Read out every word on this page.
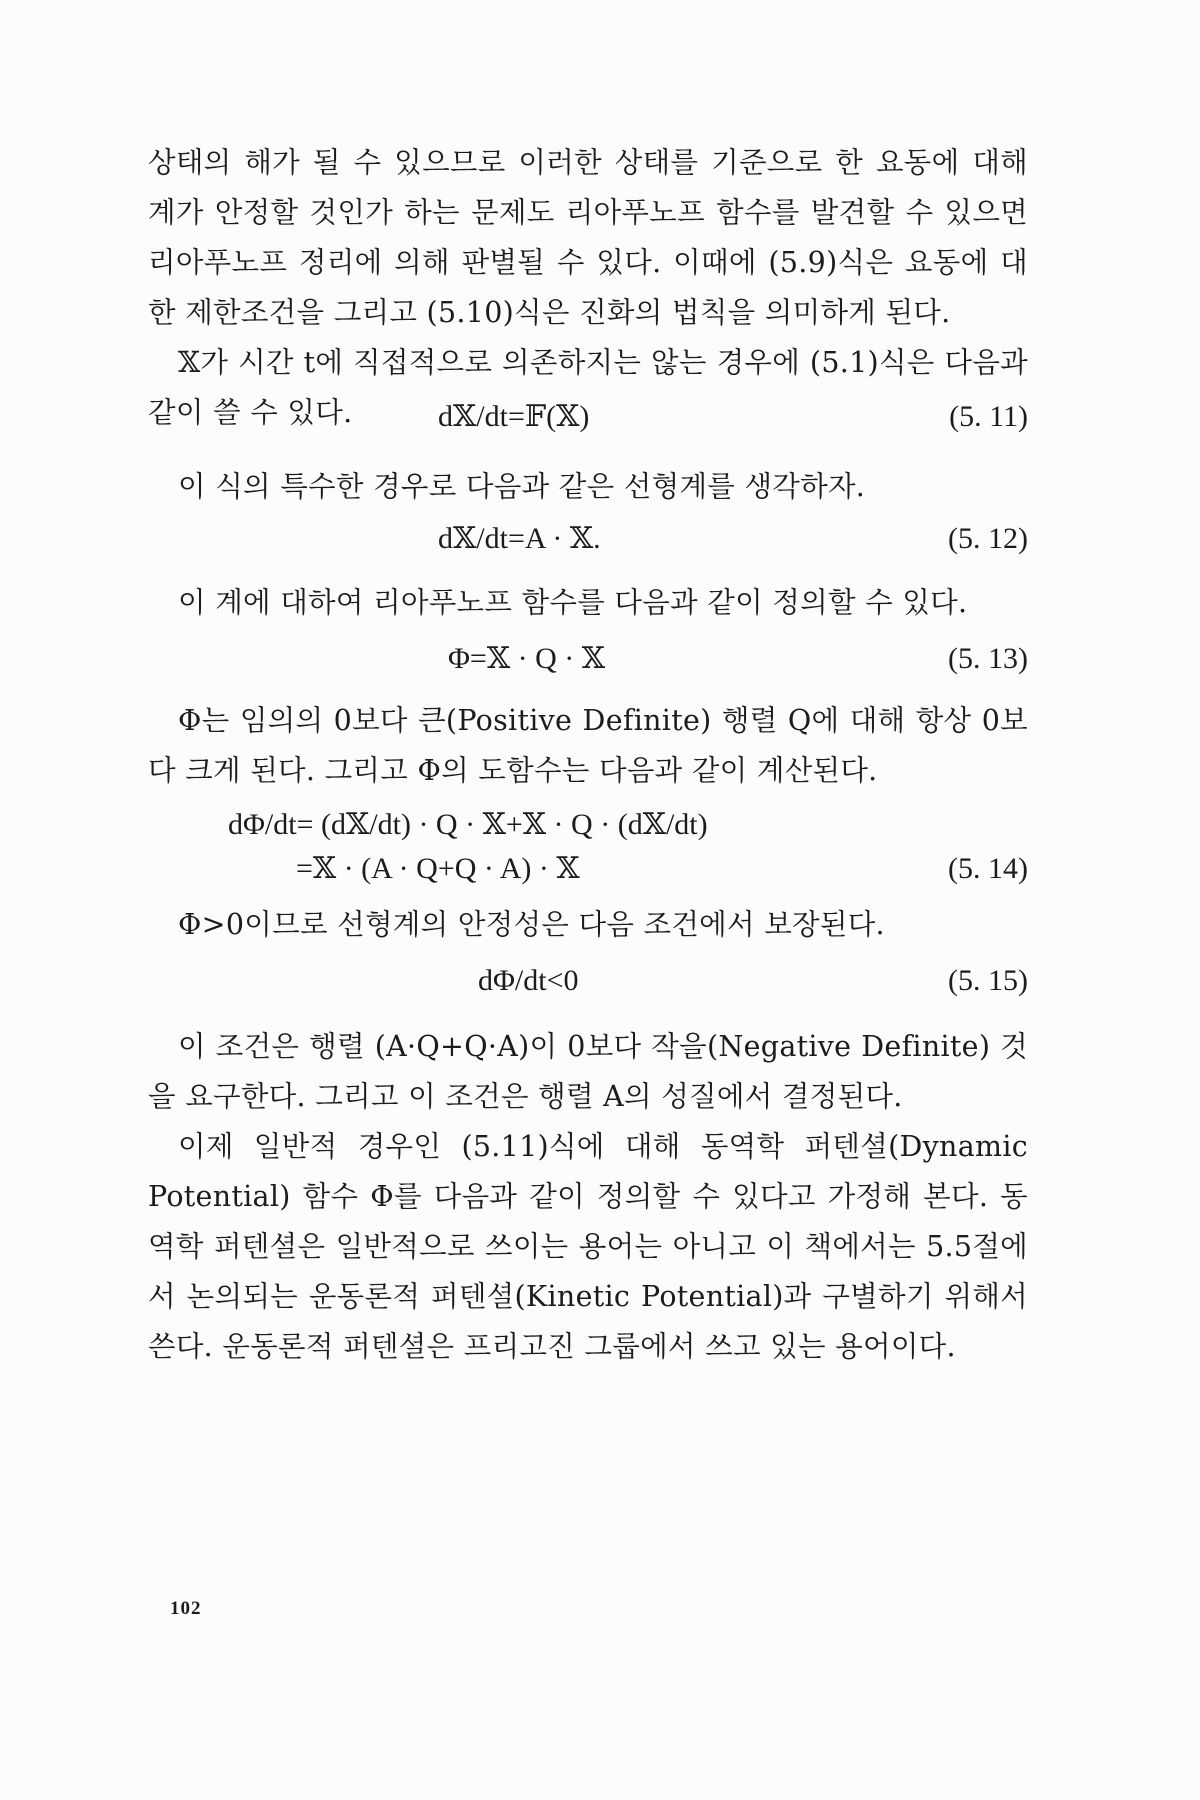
상태의 해가 될 수 있으므로 이러한 상태를 기준으로 한 요동에 대해 계가 안정할 것인가 하는 문제도 리아푸노프 함수를 발견할 수 있으면 리아푸노프 정리에 의해 판별될 수 있다. 이때에 (5.9)식은 요동에 대한 제한조건을 그리고 (5.10)식은 진화의 법칙을 의미하게 된다.

𝕏가 시간 t에 직접적으로 의존하지는 않는 경우에 (5.1)식은 다음과 같이 쓸 수 있다.	d𝕏/dt=𝔽(𝕏)	(5. 11)

이 식의 특수한 경우로 다음과 같은 선형계를 생각하자.

d𝕏/dt=A · 𝕏.	(5. 12)

이 계에 대하여 리아푸노프 함수를 다음과 같이 정의할 수 있다.

Φ=𝕏 · Q · 𝕏	(5. 13)

Φ는 임의의 0보다 큰(Positive Definite) 행렬 Q에 대해 항상 0보다 크게 된다. 그리고 Φ의 도함수는 다음과 같이 계산된다.

dΦ/dt= (d𝕏/dt) · Q · 𝕏+𝕏 · Q · (d𝕏/dt)
=𝕏 · (A · Q+Q · A) · 𝕏	(5. 14)

Φ>0이므로 선형계의 안정성은 다음 조건에서 보장된다.

dΦ/dt<0	(5. 15)

이 조건은 행렬 (A·Q+Q·A)이 0보다 작을(Negative Definite) 것을 요구한다. 그리고 이 조건은 행렬 A의 성질에서 결정된다.

이제 일반적 경우인 (5.11)식에 대해 동역학 퍼텐셜(Dynamic Potential) 함수 Φ를 다음과 같이 정의할 수 있다고 가정해 본다. 동역학 퍼텐셜은 일반적으로 쓰이는 용어는 아니고 이 책에서는 5.5절에서 논의되는 운동론적 퍼텐셜(Kinetic Potential)과 구별하기 위해서 쓴다. 운동론적 퍼텐셜은 프리고진 그룹에서 쓰고 있는 용어이다.

102
